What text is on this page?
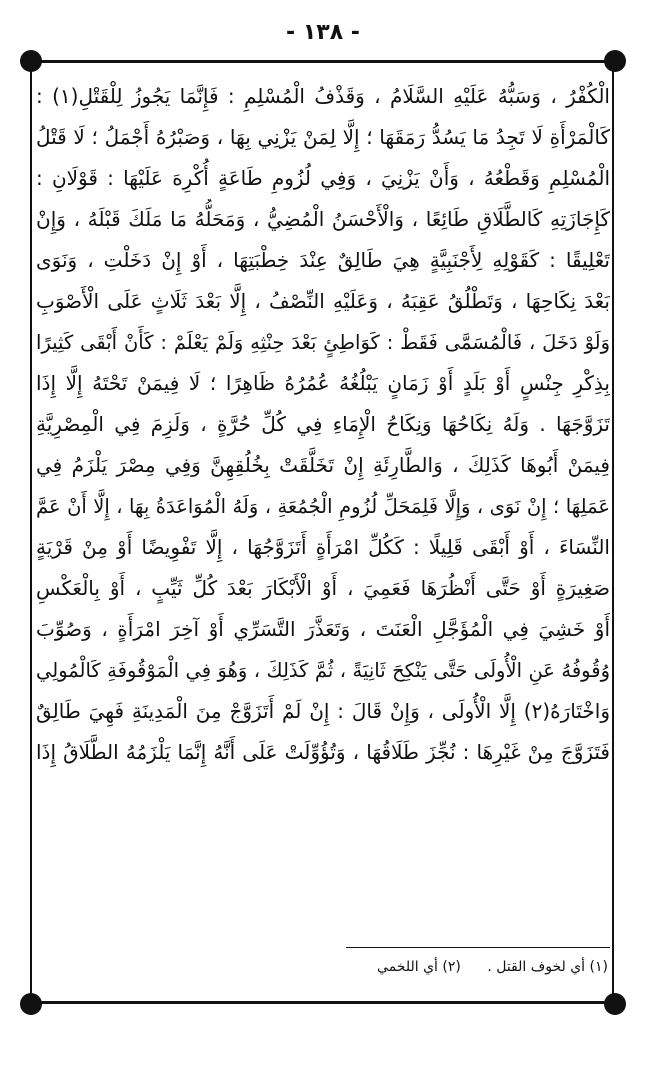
- ١٣٨ -
الْكُفْرُ ، وَسَبُّهُ عَلَيْهِ السَّلَامُ ، وَقَذْفُ الْمُسْلِمِ : فَإِنَّمَا يَجُوزُ لِلْقَتْلِ(١) :
كَالْمَرْأَةِ لَا تَجِدُ مَا يَسُدُّ رَمَقَهَا ؛ إِلَّا لِمَنْ يَزْنِي بِهَا ، وَصَبْرُهُ أَجْمَلُ ؛ لَا قَتْلُ
الْمُسْلِمِ وَقَطْعُهُ ، وَأَنْ يَزْنِيَ ، وَفِي لُزُومِ طَاعَةٍ أُكْرِهَ عَلَيْهَا : قَوْلَانِ :
كَإِجَازَتِهِ كَالطَّلَاقِ طَائِعًا ، وَالْأَحْسَنُ الْمُضِيُّ ، وَمَحَلُّهُ مَا مَلَكَ قَبْلَهُ ، وَإِنْ
تَعْلِيقًا : كَقَوْلِهِ لِأَجْنَبِيَّةٍ هِيَ طَالِقٌ عِنْدَ خِطْبَتِهَا ، أَوْ إِنْ دَخَلْتِ ، وَنَوَى
بَعْدَ نِكَاحِهَا ، وَتَطْلُقُ عَقِبَهُ ، وَعَلَيْهِ النِّصْفُ ، إِلَّا بَعْدَ ثَلَاثٍ عَلَى الْأَصْوَبِ
وَلَوْ دَخَلَ ، فَالْمُسَمَّى فَقَطْ : كَوَاطِئٍ بَعْدَ حِنْثِهِ وَلَمْ يَعْلَمْ : كَأَنْ أَبْقَى كَثِيرًا
بِذِكْرِ جِنْسٍ أَوْ بَلَدٍ أَوْ زَمَانٍ يَبْلُغُهُ عُمُرُهُ ظَاهِرًا ؛ لَا فِيمَنْ تَحْتَهُ إِلَّا إِذَا
تَزَوَّجَهَا . وَلَهُ نِكَاحُهَا وَنِكَاحُ الْإِمَاءِ فِي كُلِّ حُرَّةٍ ، وَلَزِمَ فِي الْمِصْرِيَّةِ
فِيمَنْ أَبُوهَا كَذَلِكَ ، وَالطَّارِئَةِ إِنْ تَخَلَّقَتْ بِخُلُقِهِنَّ وَفِي مِصْرَ يَلْزَمُ فِي
عَمَلِهَا ؛ إِنْ نَوَى ، وَإِلَّا فَلِمَحَلِّ لُزُومِ الْجُمُعَةِ ، وَلَهُ الْمُوَاعَدَةُ بِهَا ، إِلَّا أَنْ عَمَّ
النِّسَاءَ ، أَوْ أَبْقَى قَلِيلًا : كَكُلِّ امْرَأَةٍ أَتَزَوَّجُهَا ، إِلَّا تَفْوِيضًا أَوْ مِنْ قَرْيَةٍ
صَغِيرَةٍ أَوْ حَتَّى أَنْظُرَهَا فَعَمِيَ ، أَوْ الْأَبْكَارَ بَعْدَ كُلِّ ثَيِّبٍ ، أَوْ بِالْعَكْسِ
أَوْ خَشِيَ فِي الْمُؤَجَّلِ الْعَنَتَ ، وَتَعَذَّرَ التَّسَرِّي أَوْ آخِرَ امْرَأَةٍ ، وَصُوِّبَ
وُقُوفُهُ عَنِ الْأُولَى حَتَّى يَنْكِحَ ثَانِيَةً ، ثُمَّ كَذَلِكَ ، وَهُوَ فِي الْمَوْقُوفَةِ كَالْمُولِي
وَاخْتَارَهُ(٢) إِلَّا الْأُولَى ، وَإِنْ قَالَ : إِنْ لَمْ أَتَزَوَّجْ مِنَ الْمَدِينَةِ فَهِيَ طَالِقٌ
فَتَزَوَّجَ مِنْ غَيْرِهَا : نُجِّزَ طَلَاقُهَا ، وَتُؤُوِّلَتْ عَلَى أَنَّهُ إِنَّمَا يَلْزَمُهُ الطَّلَاقُ إِذَا
(١) أي لخوف القتل . (٢) أي اللخمي
